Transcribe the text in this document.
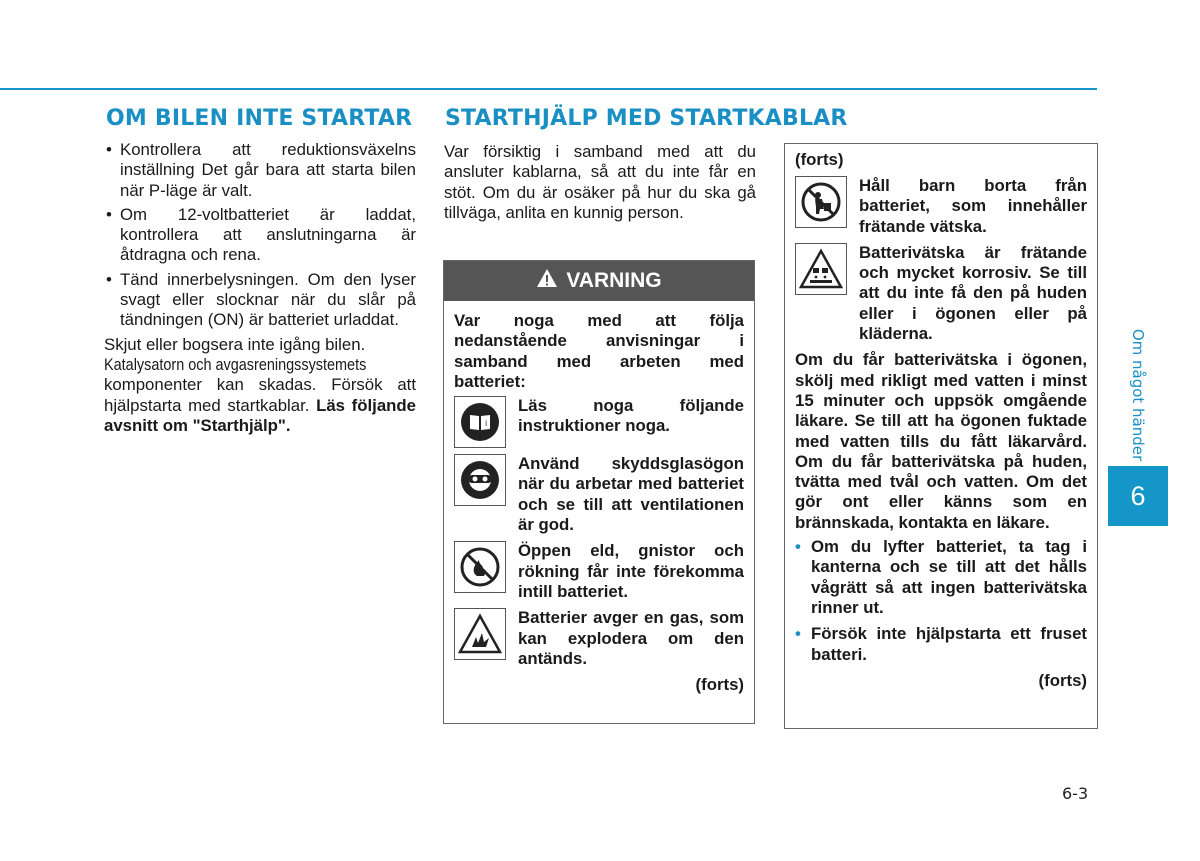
OM BILEN INTE STARTAR STARTHJÄLP MED STARTKABLAR
• Kontrollera att reduktionsväxelns inställning Det går bara att starta bilen när P-läge är valt.
• Om 12-voltbatteriet är laddat, kontrollera att anslutningarna är åtdragna och rena.
• Tänd innerbelysningen. Om den lyser svagt eller slocknar när du slår på tändningen (ON) är batteriet urladdat.

Skjut eller bogsera inte igång bilen.
Katalysatorn och avgasreningssystemets
komponenter kan skadas. Försök att hjälpstarta med startkablar. Läs följande avsnitt om "Starthjälp".

Var försiktig i samband med att du ansluter kablarna, så att du inte får en stöt. Om du är osäker på hur du ska gå tillväga, anlita en kunnig person.

VARNING

Var noga med att följa nedanstående anvisningar i samband med arbeten med batteriet:

i
Läs noga följande instruktioner noga.
Använd skyddsglasögon när du arbetar med batteriet och se till att ventilationen är god.
Öppen eld, gnistor och rökning får inte förekomma intill batteriet.
Batterier avger en gas, som kan explodera om den antänds.
(forts)
(forts)
Håll barn borta från batteriet, som innehåller frätande vätska.
Batterivätska är frätande och mycket korrosiv. Se till att du inte få den på huden eller i ögonen eller på kläderna.

Om du får batterivätska i ögonen, skölj med rikligt med vatten i minst 15 minuter och uppsök omgående läkare. Se till att ha ögonen fuktade med vatten tills du fått läkarvård. Om du får batterivätska på huden, tvätta med tvål och vatten. Om det gör ont eller känns som en brännskada, kontakta en läkare.

• Om du lyfter batteriet, ta tag i kanterna och se till att det hålls vågrätt så att ingen batterivätska rinner ut.
• Försök inte hjälpstarta ett fruset batteri.
(forts)
Om något händer
6
6-3
